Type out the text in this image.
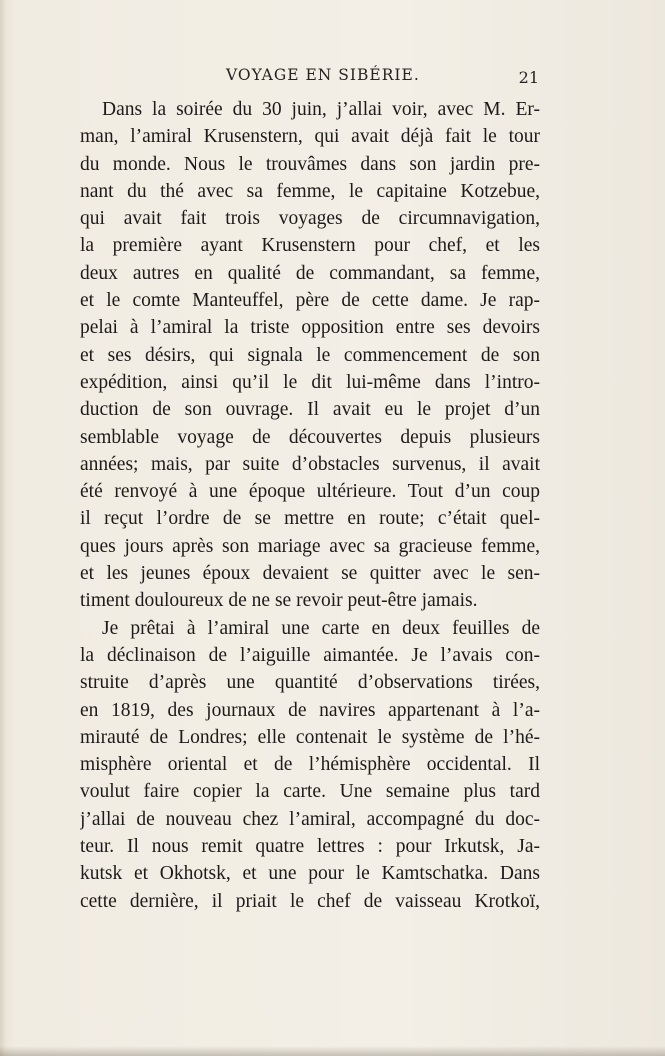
VOYAGE EN SIBÉRIE.	21
Dans la soirée du 30 juin, j’allai voir, avec M. Er-
man, l’amiral Krusenstern, qui avait déjà fait le tour
du monde. Nous le trouvâmes dans son jardin pre-
nant du thé avec sa femme, le capitaine Kotzebue,
qui avait fait trois voyages de circumnavigation,
la première ayant Krusenstern pour chef, et les
deux autres en qualité de commandant, sa femme,
et le comte Manteuffel, père de cette dame. Je rap-
pelai à l’amiral la triste opposition entre ses devoirs
et ses désirs, qui signala le commencement de son
expédition, ainsi qu’il le dit lui-même dans l’intro-
duction de son ouvrage. Il avait eu le projet d’un
semblable voyage de découvertes depuis plusieurs
années; mais, par suite d’obstacles survenus, il avait
été renvoyé à une époque ultérieure. Tout d’un coup
il reçut l’ordre de se mettre en route; c’était quel-
ques jours après son mariage avec sa gracieuse femme,
et les jeunes époux devaient se quitter avec le sen-
timent douloureux de ne se revoir peut-être jamais.
Je prêtai à l’amiral une carte en deux feuilles de
la déclinaison de l’aiguille aimantée. Je l’avais con-
struite d’après une quantité d’observations tirées,
en 1819, des journaux de navires appartenant à l’a-
mirauté de Londres; elle contenait le système de l’hé-
misphère oriental et de l’hémisphère occidental. Il
voulut faire copier la carte. Une semaine plus tard
j’allai de nouveau chez l’amiral, accompagné du doc-
teur. Il nous remit quatre lettres : pour Irkutsk, Ja-
kutsk et Okhotsk, et une pour le Kamtschatka. Dans
cette dernière, il priait le chef de vaisseau Krotkoï,
